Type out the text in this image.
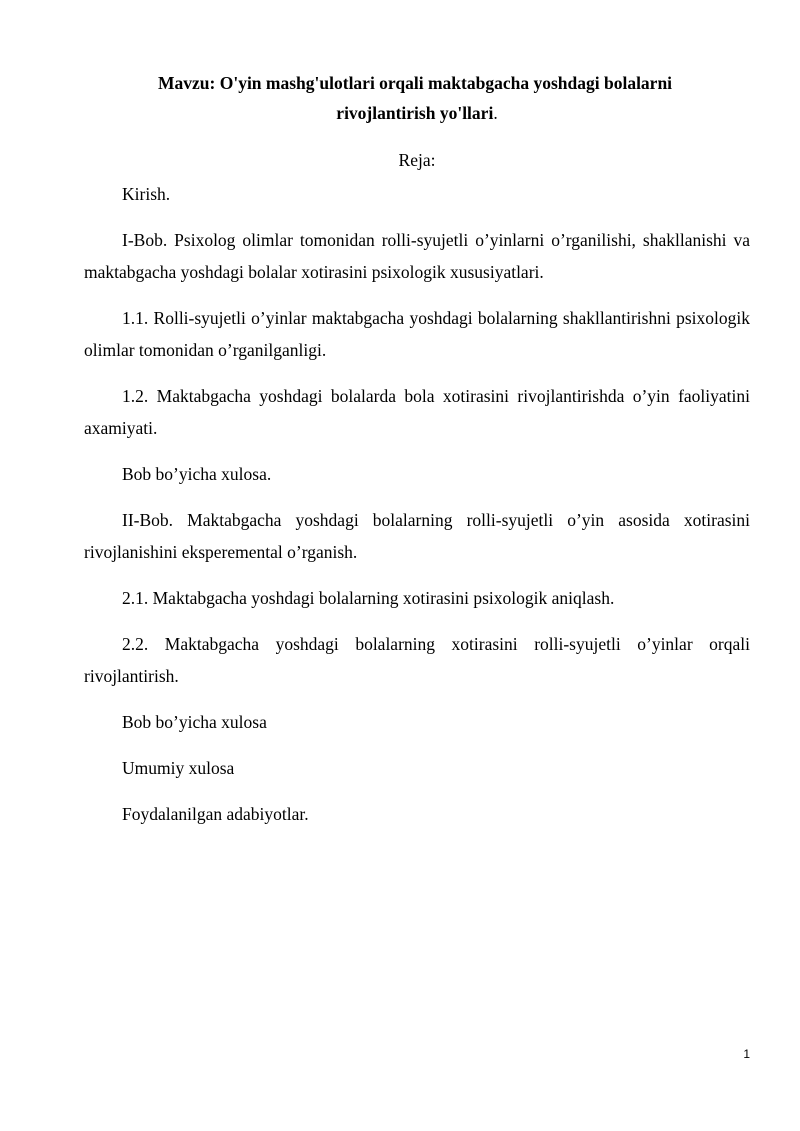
Mavzu: O'yin mashg'ulotlari orqali maktabgacha yoshdagi bolalarni
rivojlantirish yo'llari.
Reja:

Kirish.

I-Bob. Psixolog olimlar tomonidan rolli-syujetli o’yinlarni o’rganilishi, shakllanishi va maktabgacha yoshdagi bolalar xotirasini psixologik xususiyatlari.

1.1. Rolli-syujetli o’yinlar maktabgacha yoshdagi bolalarning shakllantirishni psixologik olimlar tomonidan o’rganilganligi.

1.2. Maktabgacha yoshdagi bolalarda bola xotirasini rivojlantirishda o’yin faoliyatini axamiyati.

Bob bo’yicha xulosa.

II-Bob. Maktabgacha yoshdagi bolalarning rolli-syujetli o’yin asosida xotirasini rivojlanishini eksperemental o’rganish.

2.1. Maktabgacha yoshdagi bolalarning xotirasini psixologik aniqlash.

2.2. Maktabgacha yoshdagi bolalarning xotirasini rolli-syujetli o’yinlar orqali rivojlantirish.

Bob bo’yicha xulosa

Umumiy xulosa

Foydalanilgan adabiyotlar.

1
